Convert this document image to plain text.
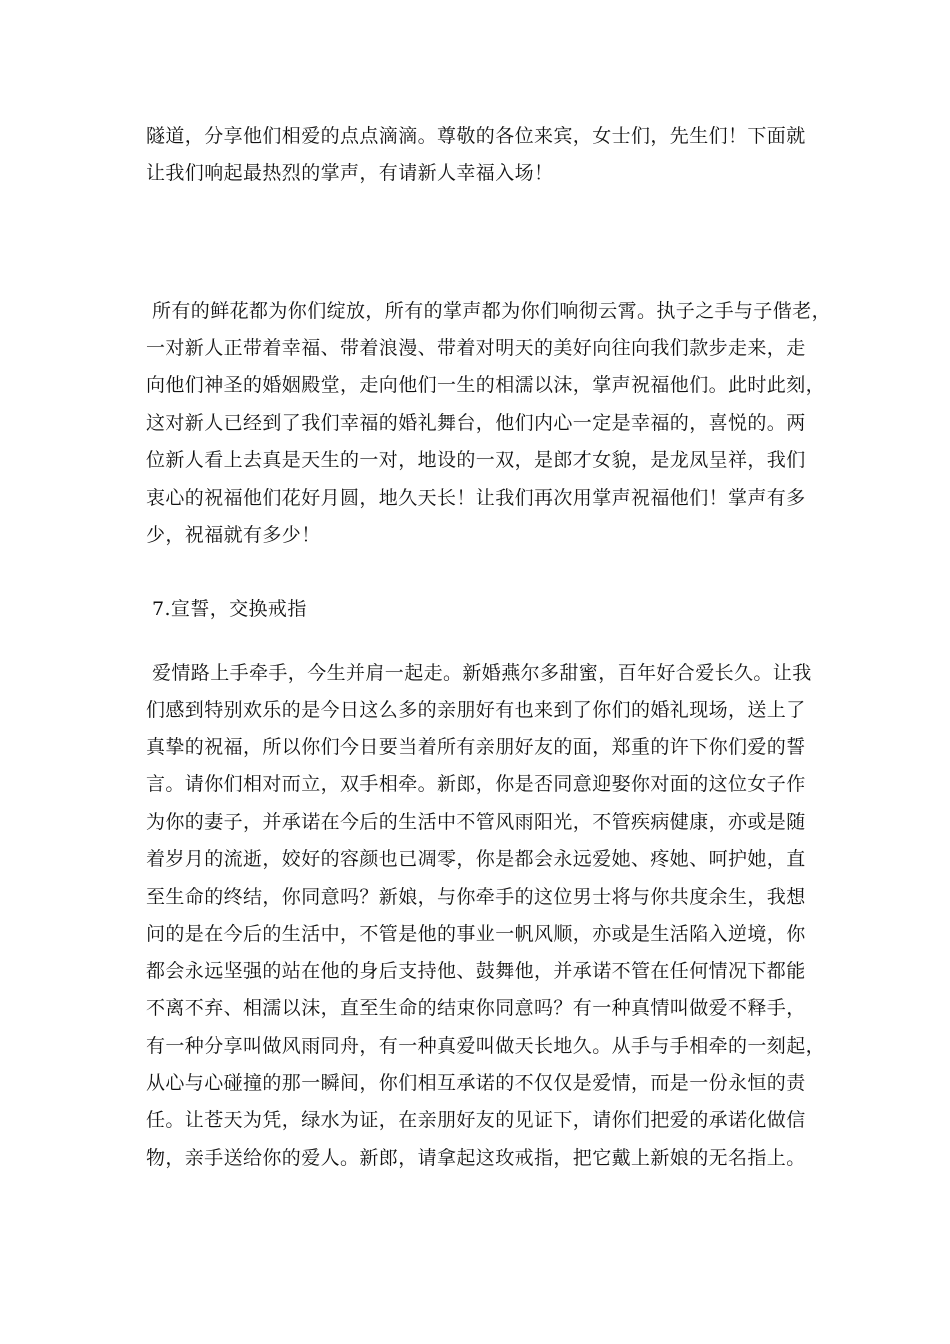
隧道，分享他们相爱的点点滴滴。尊敬的各位来宾，女士们，先生们！下面就
让我们响起最热烈的掌声，有请新人幸福入场！
所有的鲜花都为你们绽放，所有的掌声都为你们响彻云霄。执子之手与子偕老，
一对新人正带着幸福、带着浪漫、带着对明天的美好向往向我们款步走来，走
向他们神圣的婚姻殿堂，走向他们一生的相濡以沫，掌声祝福他们。此时此刻，
这对新人已经到了我们幸福的婚礼舞台，他们内心一定是幸福的，喜悦的。两
位新人看上去真是天生的一对，地设的一双，是郎才女貌，是龙凤呈祥，我们
衷心的祝福他们花好月圆，地久天长！让我们再次用掌声祝福他们！掌声有多
少，祝福就有多少！
7.宣誓，交换戒指
爱情路上手牵手，今生并肩一起走。新婚燕尔多甜蜜，百年好合爱长久。让我
们感到特别欢乐的是今日这么多的亲朋好有也来到了你们的婚礼现场，送上了
真挚的祝福，所以你们今日要当着所有亲朋好友的面，郑重的许下你们爱的誓
言。请你们相对而立，双手相牵。新郎，你是否同意迎娶你对面的这位女子作
为你的妻子，并承诺在今后的生活中不管风雨阳光，不管疾病健康，亦或是随
着岁月的流逝，姣好的容颜也已凋零，你是都会永远爱她、疼她、呵护她，直
至生命的终结，你同意吗？新娘，与你牵手的这位男士将与你共度余生，我想
问的是在今后的生活中，不管是他的事业一帆风顺，亦或是生活陷入逆境，你
都会永远坚强的站在他的身后支持他、鼓舞他，并承诺不管在任何情况下都能
不离不弃、相濡以沫，直至生命的结束你同意吗？有一种真情叫做爱不释手，
有一种分享叫做风雨同舟，有一种真爱叫做天长地久。从手与手相牵的一刻起，
从心与心碰撞的那一瞬间，你们相互承诺的不仅仅是爱情，而是一份永恒的责
任。让苍天为凭，绿水为证，在亲朋好友的见证下，请你们把爱的承诺化做信
物，亲手送给你的爱人。新郎，请拿起这玫戒指，把它戴上新娘的无名指上。
